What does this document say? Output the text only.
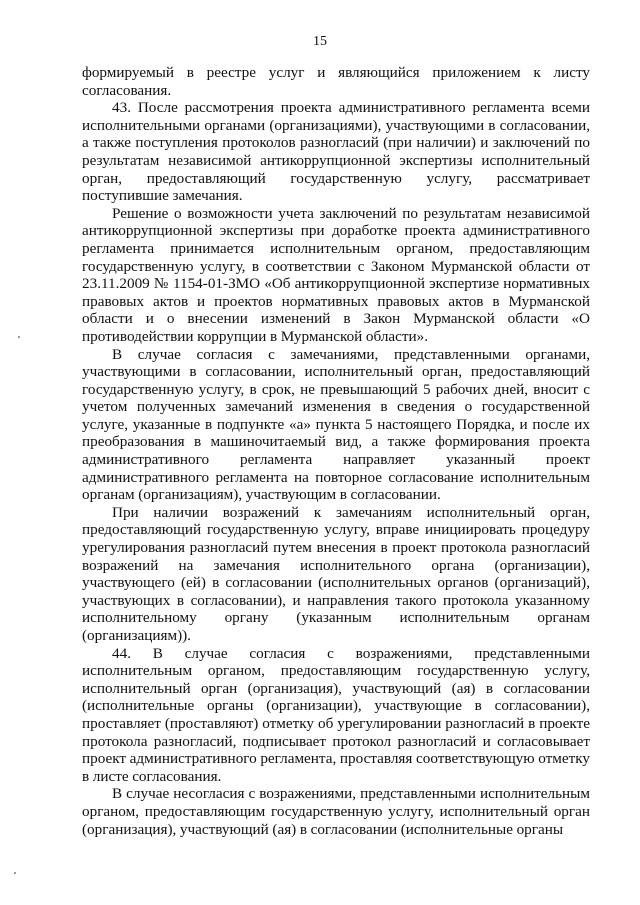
15

формируемый в реестре услуг и являющийся приложением к листу согласования.

43. После рассмотрения проекта административного регламента всеми исполнительными органами (организациями), участвующими в согласовании, а также поступления протоколов разногласий (при наличии) и заключений по результатам независимой антикоррупционной экспертизы исполнительный орган, предоставляющий государственную услугу, рассматривает поступившие замечания.

Решение о возможности учета заключений по результатам независимой антикоррупционной экспертизы при доработке проекта административного регламента принимается исполнительным органом, предоставляющим государственную услугу, в соответствии с Законом Мурманской области от 23.11.2009 № 1154-01-ЗМО «Об антикоррупционной экспертизе нормативных правовых актов и проектов нормативных правовых актов в Мурманской области и о внесении изменений в Закон Мурманской области «О противодействии коррупции в Мурманской области».

В случае согласия с замечаниями, представленными органами, участвующими в согласовании, исполнительный орган, предоставляющий государственную услугу, в срок, не превышающий 5 рабочих дней, вносит с учетом полученных замечаний изменения в сведения о государственной услуге, указанные в подпункте «а» пункта 5 настоящего Порядка, и после их преобразования в машиночитаемый вид, а также формирования проекта административного регламента направляет указанный проект административного регламента на повторное согласование исполнительным органам (организациям), участвующим в согласовании.

При наличии возражений к замечаниям исполнительный орган, предоставляющий государственную услугу, вправе инициировать процедуру урегулирования разногласий путем внесения в проект протокола разногласий возражений на замечания исполнительного органа (организации), участвующего (ей) в согласовании (исполнительных органов (организаций), участвующих в согласовании), и направления такого протокола указанному исполнительному органу (указанным исполнительным органам (организациям)).

44. В случае согласия с возражениями, представленными исполнительным органом, предоставляющим государственную услугу, исполнительный орган (организация), участвующий (ая) в согласовании (исполнительные органы (организации), участвующие в согласовании), проставляет (проставляют) отметку об урегулировании разногласий в проекте протокола разногласий, подписывает протокол разногласий и согласовывает проект административного регламента, проставляя соответствующую отметку в листе согласования.

В случае несогласия с возражениями, представленными исполнительным органом, предоставляющим государственную услугу, исполнительный орган (организация), участвующий (ая) в согласовании (исполнительные органы
